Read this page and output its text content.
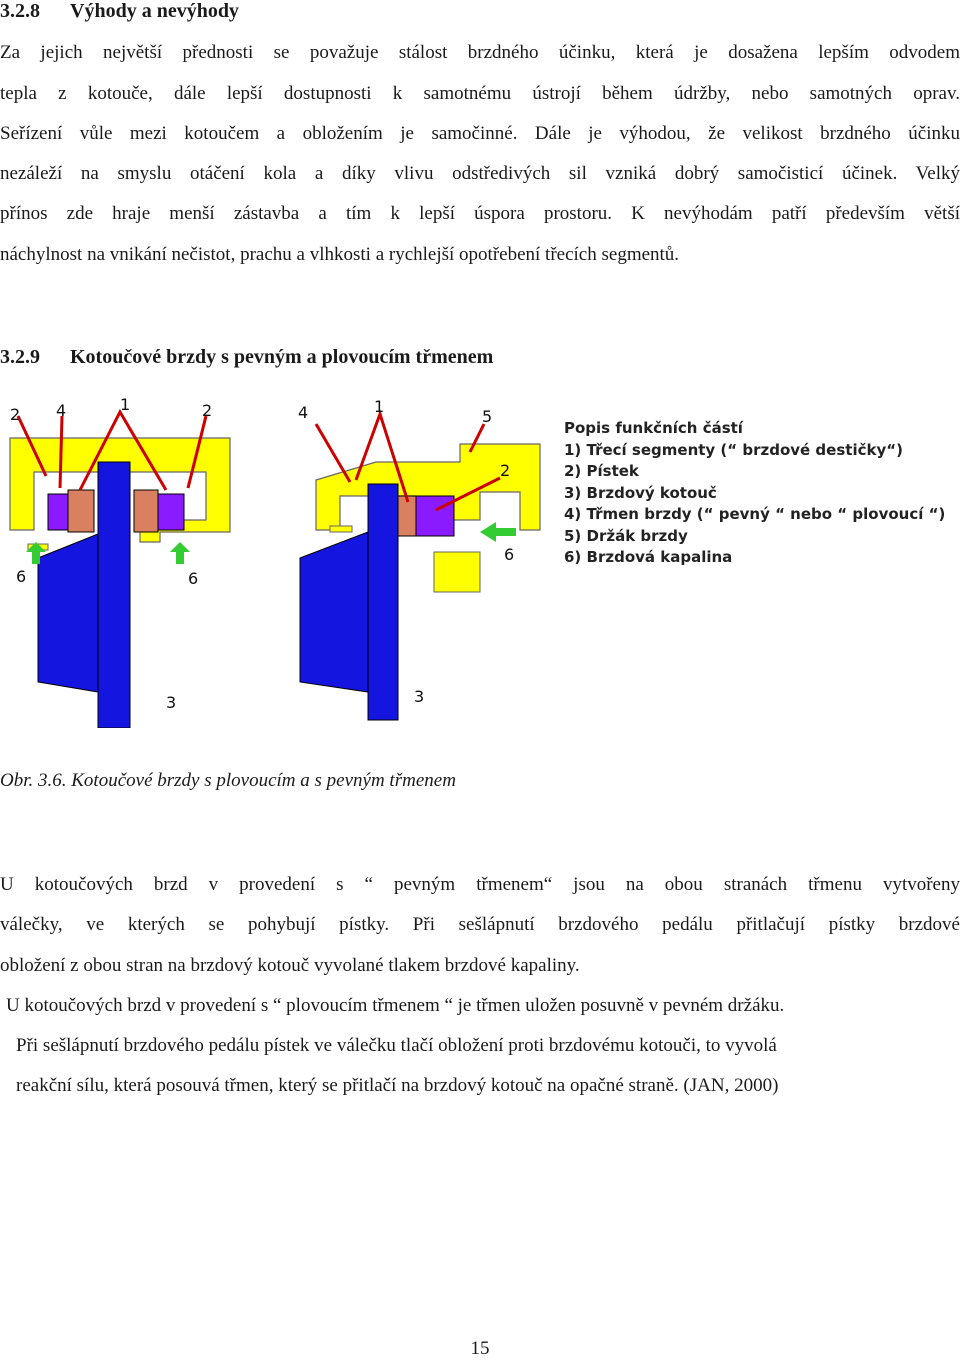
3.2.8 Výhody a nevýhody
Za jejich největší přednosti se považuje stálost brzdného účinku, která je dosažena lepším odvodem
tepla z kotouče, dále lepší dostupnosti k samotnému ústrojí během údržby, nebo samotných oprav.
Seřízení vůle mezi kotoučem a obložením je samočinné. Dále je výhodou, že velikost brzdného účinku
nezáleží na smyslu otáčení kola a díky vlivu odstředivých sil vzniká dobrý samočisticí účinek. Velký
přínos zde hraje menší zástavba a tím k lepší úspora prostoru. K nevýhodám patří především větší
náchylnost na vnikání nečistot, prachu a vlhkosti a rychlejší opotřebení třecích segmentů.
3.2.9 Kotoučové brzdy s pevným a plovoucím třmenem
2 4	1	2
6	6
3
4	1
5
2
6
3
Popis funkčních částí
1) Třecí segmenty (“ brzdové destičky“)
2) Pístek
3) Brzdový kotouč
4) Třmen brzdy (“ pevný “ nebo “ plovoucí “)
5) Držák brzdy
6) Brzdová kapalina
Obr. 3.6. Kotoučové brzdy s plovoucím a s pevným třmenem
U kotoučových brzd v provedení s “ pevným třmenem“ jsou na obou stranách třmenu vytvořeny
válečky, ve kterých se pohybují pístky. Při sešlápnutí brzdového pedálu přitlačují pístky brzdové
obložení z obou stran na brzdový kotouč vyvolané tlakem brzdové kapaliny.
U kotoučových brzd v provedení s “ plovoucím třmenem “ je třmen uložen posuvně v pevném držáku.
Při sešlápnutí brzdového pedálu pístek ve válečku tlačí obložení proti brzdovému kotouči, to vyvolá
reakční sílu, která posouvá třmen, který se přitlačí na brzdový kotouč na opačné straně. (JAN, 2000)
15
